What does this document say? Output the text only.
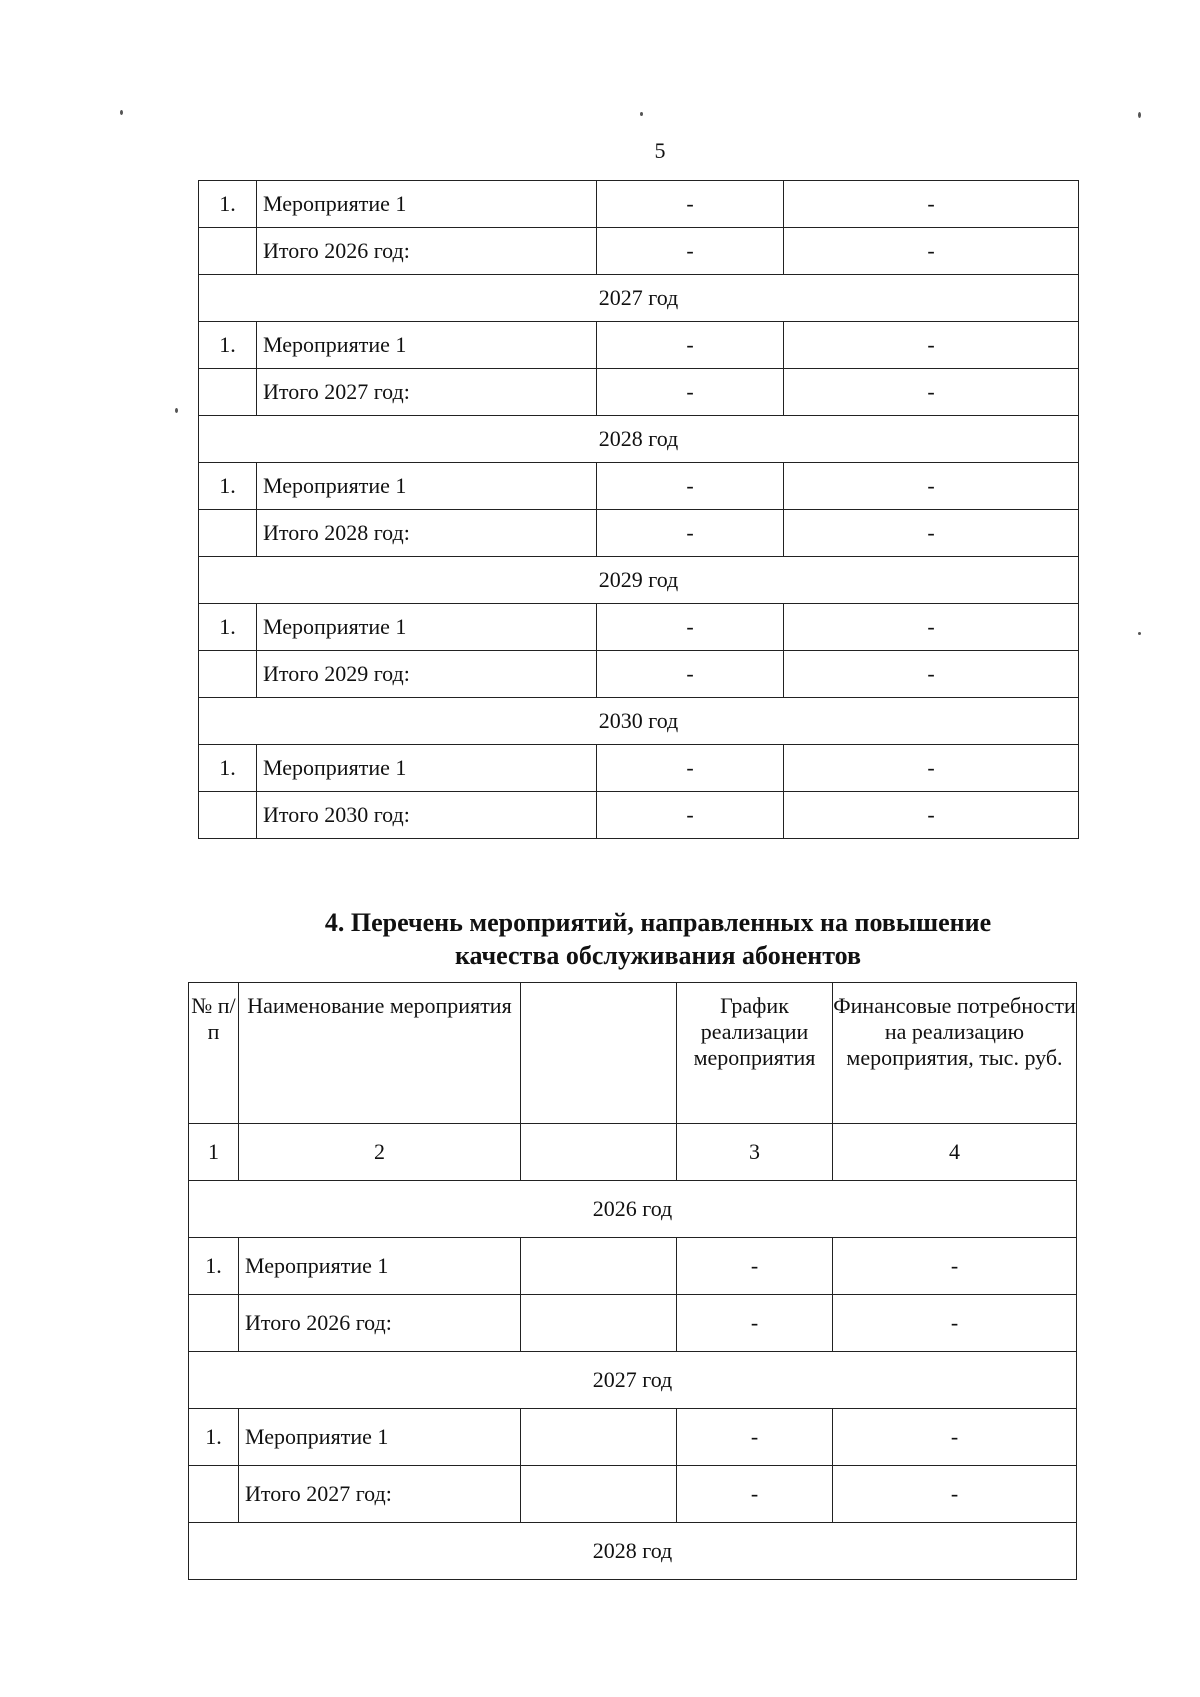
5
1.	Мероприятие 1	-	-
	Итого 2026 год:	-	-
2027 год			
1.	Мероприятие 1	-	-
	Итого 2027 год:	-	-
2028 год			
1.	Мероприятие 1	-	-
	Итого 2028 год:	-	-
2029 год			
1.	Мероприятие 1	-	-
	Итого 2029 год:	-	-
2030 год			
1.	Мероприятие 1	-	-
	Итого 2030 год:	-	-
4. Перечень мероприятий, направленных на повышение
качества обслуживания абонентов
№ п/п	Наименование мероприятия		График реализации мероприятия	Финансовые потребности на реализацию мероприятия, тыс. руб.
1	2		3	4
2026 год				
1.	Мероприятие 1		-	-
	Итого 2026 год:		-	-
2027 год				
1.	Мероприятие 1		-	-
	Итого 2027 год:		-	-
2028 год				
